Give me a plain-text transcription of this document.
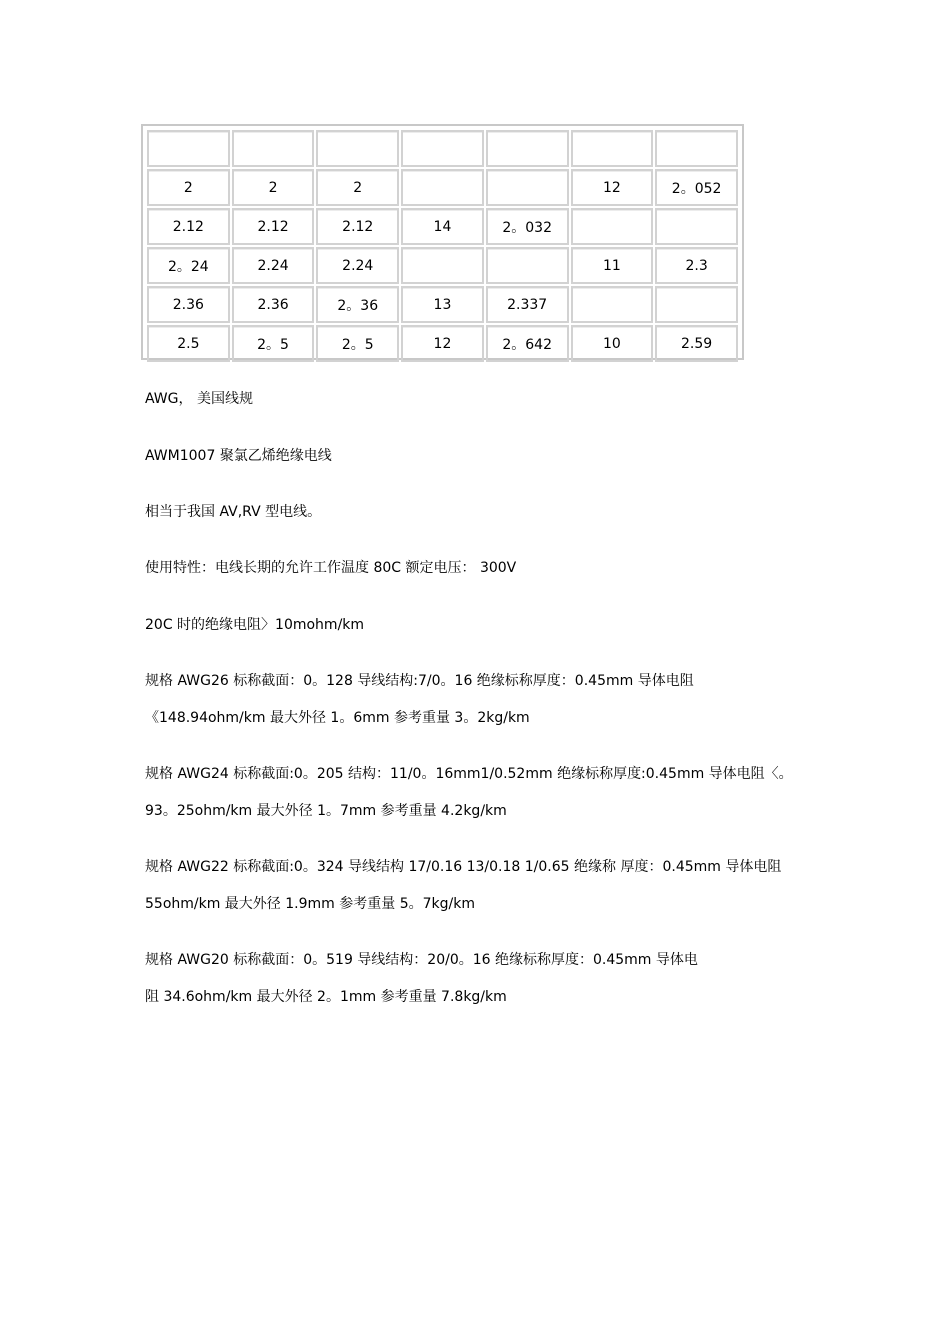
2	2	2			12	2。052
2.12	2.12	2.12	14	2。032		
2。24	2.24	2.24			11	2.3
2.36	2.36	2。36	13	2.337		
2.5	2。5	2。5	12	2。642	10	2.59
AWG， 美国线规
AWM1007 聚氯乙烯绝缘电线
相当于我国 AV,RV 型电线。
使用特性：电线长期的允许工作温度 80C 额定电压： 300V
20C 时的绝缘电阻〉10mohm/km
规格 AWG26 标称截面：0。128 导线结构:7/0。16 绝缘标称厚度：0.45mm 导体电阻
《148.94ohm/km 最大外径 1。6mm 参考重量 3。2kg/km
规格 AWG24 标称截面:0。205 结构：11/0。16mm1/0.52mm 绝缘标称厚度:0.45mm 导体电阻〈。
93。25ohm/km 最大外径 1。7mm 参考重量 4.2kg/km
规格 AWG22 标称截面:0。324 导线结构 17/0.16 13/0.18 1/0.65 绝缘称 厚度：0.45mm 导体电阻
55ohm/km 最大外径 1.9mm 参考重量 5。7kg/km
规格 AWG20 标称截面：0。519 导线结构：20/0。16 绝缘标称厚度：0.45mm 导体电
阻 34.6ohm/km 最大外径 2。1mm 参考重量 7.8kg/km
